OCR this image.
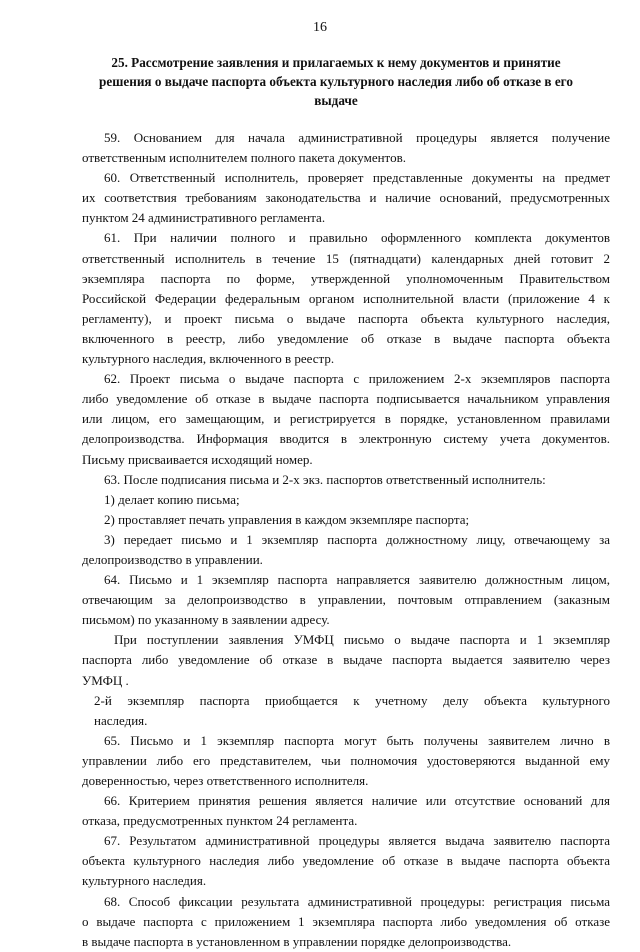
16
25. Рассмотрение заявления и прилагаемых к нему документов и принятие
решения о выдаче паспорта объекта культурного наследия либо об отказе в его
выдаче
59. Основанием для начала административной процедуры является получение
ответственным исполнителем полного пакета документов.
60. Ответственный исполнитель, проверяет представленные документы на предмет
их соответствия требованиям законодательства и наличие оснований, предусмотренных
пунктом 24 административного регламента.
61. При наличии полного и правильно оформленного комплекта документов
ответственный исполнитель в течение 15 (пятнадцати) календарных дней готовит 2
экземпляра паспорта по форме, утвержденной уполномоченным Правительством
Российской Федерации федеральным органом исполнительной власти (приложение 4 к
регламенту), и проект письма о выдаче паспорта объекта культурного наследия,
включенного в реестр, либо уведомление об отказе в выдаче паспорта объекта
культурного наследия, включенного в реестр.
62. Проект письма о выдаче паспорта с приложением 2-х экземпляров паспорта
либо уведомление об отказе в выдаче паспорта подписывается начальником управления
или лицом, его замещающим, и регистрируется в порядке, установленном правилами
делопроизводства. Информация вводится в электронную систему учета документов.
Письму присваивается исходящий номер.
63. После подписания письма и 2-х экз. паспортов ответственный исполнитель:
1) делает копию письма;
2) проставляет печать управления в каждом экземпляре паспорта;
3) передает письмо и 1 экземпляр паспорта должностному лицу, отвечающему за
делопроизводство в управлении.
64. Письмо и 1 экземпляр паспорта направляется заявителю должностным лицом,
отвечающим за делопроизводство в управлении, почтовым отправлением (заказным
письмом) по указанному в заявлении адресу.
При поступлении заявления УМФЦ письмо о выдаче паспорта и 1 экземпляр
паспорта либо уведомление об отказе в выдаче паспорта выдается заявителю через
УМФЦ .
2-й экземпляр паспорта приобщается к учетному делу объекта культурного
наследия.
65. Письмо и 1 экземпляр паспорта могут быть получены заявителем лично в
управлении либо его представителем, чьи полномочия удостоверяются выданной ему
доверенностью, через ответственного исполнителя.
66. Критерием принятия решения является наличие или отсутствие оснований для
отказа, предусмотренных пунктом 24 регламента.
67. Результатом административной процедуры является выдача заявителю паспорта
объекта культурного наследия либо уведомление об отказе в выдаче паспорта объекта
культурного наследия.
68. Способ фиксации результата административной процедуры: регистрация письма
о выдаче паспорта с приложением 1 экземпляра паспорта либо уведомления об отказе
в выдаче паспорта в установленном в управлении порядке делопроизводства.
